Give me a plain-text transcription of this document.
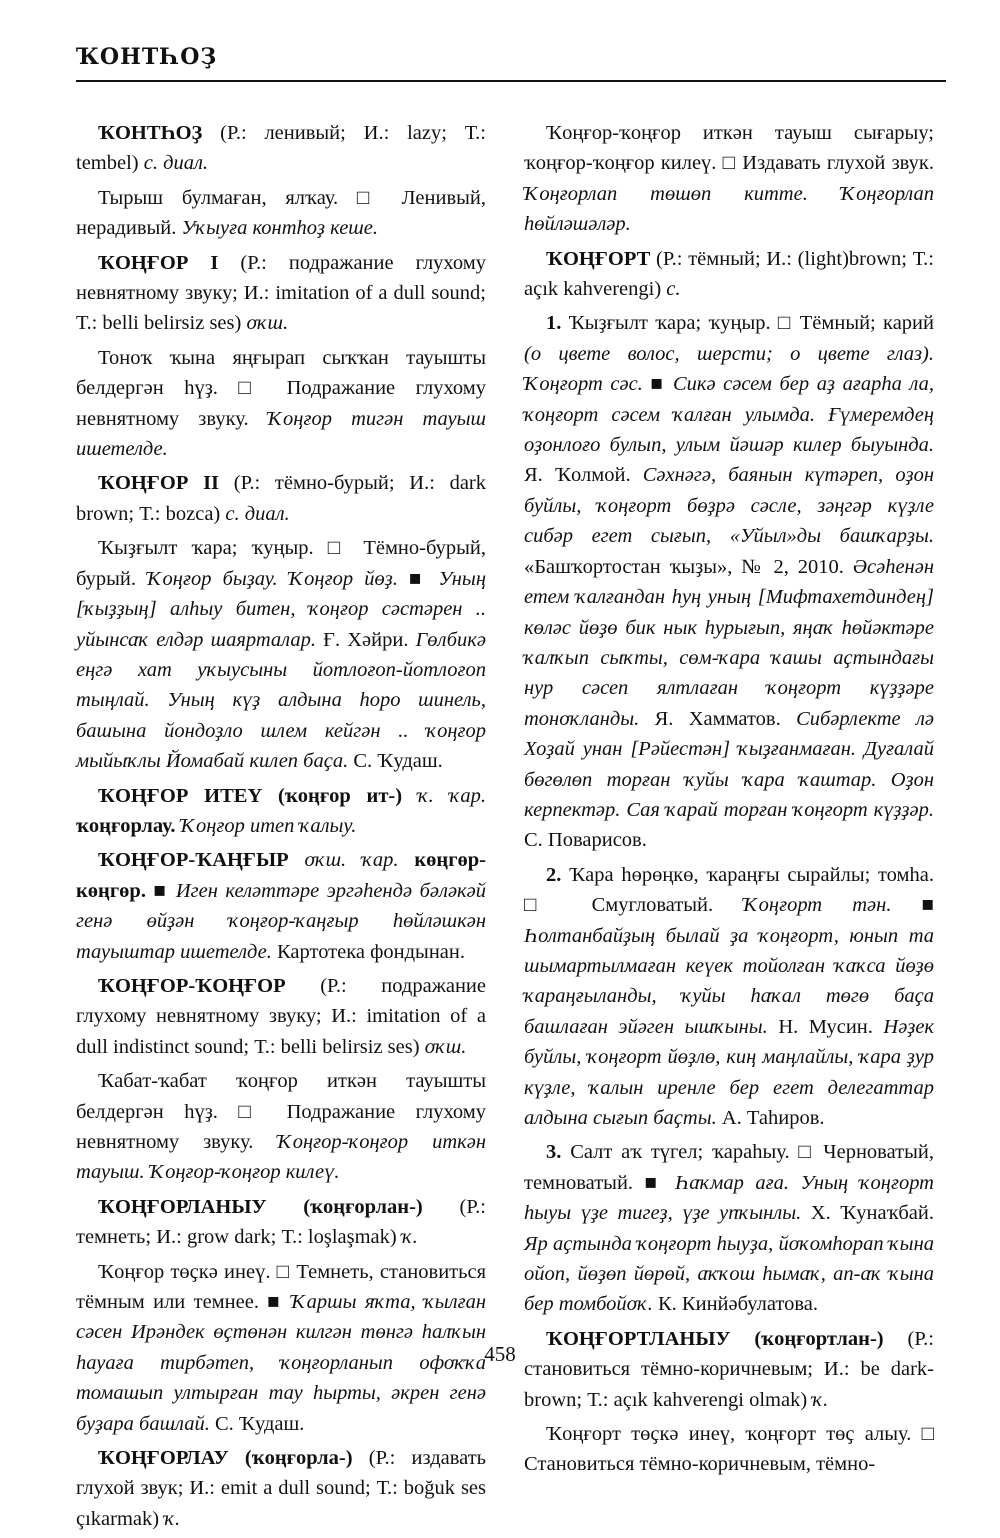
ҠОНТҺОҘ

ҠОНТҺОҘ (Р.: ленивый; И.: lazy; Т.: tembel) с. диал.

Тырыш булмаған, ялҡау. □ Ленивый, нерадивый. Уҡыуға контһоҙ кеше.

ҠОҢҒОР I (Р.: подражание глухому невнятному звуку; И.: imitation of a dull sound; Т.: belli belirsiz ses) оҡш.

Тоноҡ ҡына яңғырап сыҡҡан тауышты белдергән һүҙ. □ Подражание глухому невнятному звуку. Ҡоңғор тигән тауыш ишетелде.

ҠОҢҒОР II (Р.: тёмно-бурый; И.: dark brown; Т.: bozca) с. диал.

Ҡыҙғылт ҡара; ҡуңыр. □ Тёмно-бурый, бурый. Ҡоңғор быҙау. Ҡоңғор йөҙ. ■ Уның [ҡыҙҙың] алһыу битен, ҡоңғор сәстәрен .. уйынсаҡ елдәр шаярталар. Ғ. Хәйри. Гөлбикә еңгә хат уҡыусыны йотлоғоп-йотлоғоп тыңлай. Уның күҙ алдына һоро шинель, башына йондоҙло шлем кейгән .. ҡоңғор мыйыҡлы Йомабай килеп баҫа. С. Ҡудаш.

ҠОҢҒОР ИТЕҮ (ҡоңғор ит-) ҡ. ҡар. ҡоңғорлау. Ҡоңғор итеп ҡалыу.

ҠОҢҒОР-ҠАҢҒЫР оҡш. ҡар. көңгөр-көңгөр. ■ Иген келәттәре эргәһендә бәләкәй генә өйҙән ҡоңғор-ҡаңғыр һөйләшкән тауыштар ишетелде. Картотека фондынан.

ҠОҢҒОР-ҠОҢҒОР (Р.: подражание глухому невнятному звуку; И.: imitation of a dull indistinct sound; Т.: belli belirsiz ses) оҡш.

Ҡабат-ҡабат ҡоңғор иткән тауышты белдергән һүҙ. □ Подражание глухому невнятному звуку. Ҡоңғор-ҡоңғор иткән тауыш. Ҡоңғор-ҡоңғор килеү.

ҠОҢҒОРЛАНЫУ (ҡоңғорлан-) (Р.: темнеть; И.: grow dark; Т.: loşlaşmak) ҡ.

Ҡоңғор төҫкә инеү. □ Темнеть, становиться тёмным или темнее. ■ Ҡаршы яҡта, ҡылған сәсен Ирәндек өҫтөнән килгән төнгә һалҡын һауаға тирбәтеп, ҡоңғорланып офоҡҡа томашып ултырған тау һырты, әкрен генә буҙара башлай. С. Ҡудаш.

ҠОҢҒОРЛАУ (ҡоңғорла-) (Р.: издавать глухой звук; И.: emit a dull sound; Т.: boğuk ses çıkarmak) ҡ.

Ҡоңғор-ҡоңғор иткән тауыш сығарыу; ҡоңғор-ҡоңғор килеү. □ Издавать глухой звук. Ҡоңғорлап төшөп китте. Ҡоңғорлап һөйләшәләр.

ҠОҢҒОРТ (Р.: тёмный; И.: (light)brown; Т.: açık kahverengi) с.

1. Ҡыҙғылт ҡара; ҡуңыр. □ Тёмный; карий (о цвете волос, шерсти; о цвете глаз). Ҡоңғорт сәс. ■ Сикә сәсем бер аҙ ағарһа ла, ҡоңғорт сәсем ҡалған улымда. Ғүмеремдең оҙонлоғо булып, улым йәшәр килер быуында. Я. Ҡолмой. Сәхнәгә, баянын күтәреп, оҙон буйлы, ҡоңғорт бөҙрә сәсле, зәңгәр күҙле сибәр егет сығып, «Уйыл»ды башҡарҙы. «Башҡортостан ҡыҙы», № 2, 2010. Әсәһенән етем ҡалғандан һуң уның [Мифтахетдиндең] көләс йөҙө бик нык һурығып, яңаҡ һөйәктәре ҡалҡып сыҡты, сөм-ҡара ҡашы аҫтындағы нур сәсеп ялтлаған ҡоңғорт күҙҙәре тоноҡланды. Я. Хамматов. Сибәрлекте лә Хоҙай унан [Рәйестән] ҡыҙғанмаған. Дуғалай бөгөлөп торған ҡуйы ҡара ҡаштар. Оҙон керпектәр. Сая ҡарай торған ҡоңғорт күҙҙәр. С. Поварисов.

2. Ҡара һөрөңкө, ҡараңғы сырайлы; томһа. □ Смугловатый. Ҡоңғорт тән. ■ Һолтанбайҙың былай ҙа ҡоңғорт, юнып та шымартылмаған кеүек тойолған ҡаҡса йөҙө ҡараңғыланды, ҡуйы һаҡал төгө баҫа башлаған эйәген ышҡыны. Н. Мусин. Нәҙек буйлы, ҡоңғорт йөҙлө, киң маңлайлы, ҡара ҙур күҙле, ҡалын иренле бер егет делегаттар алдына сығып баҫты. А. Таһиров.

3. Салт аҡ түгел; ҡараһыу. □ Черноватый, темноватый. ■ Һаҡмар аға. Уның ҡоңғорт һыуы үҙе тигеҙ, үҙе упҡынлы. Х. Ҡунаҡбай. Яр аҫтында ҡоңғорт һыуҙа, йоҡомһорап ҡына ойоп, йөҙөп йөрөй, аҡҡош һымаҡ, ап-аҡ ҡына бер томбойоҡ. К. Кинйәбулатова.

ҠОҢҒОРТЛАНЫУ (ҡоңғортлан-) (Р.: становиться тёмно-коричневым; И.: be dark-brown; Т.: açık kahverengi olmak) ҡ.

Ҡоңғорт төҫкә инеү, ҡоңғорт төҫ алыу. □ Становиться тёмно-коричневым, тёмно-

458
